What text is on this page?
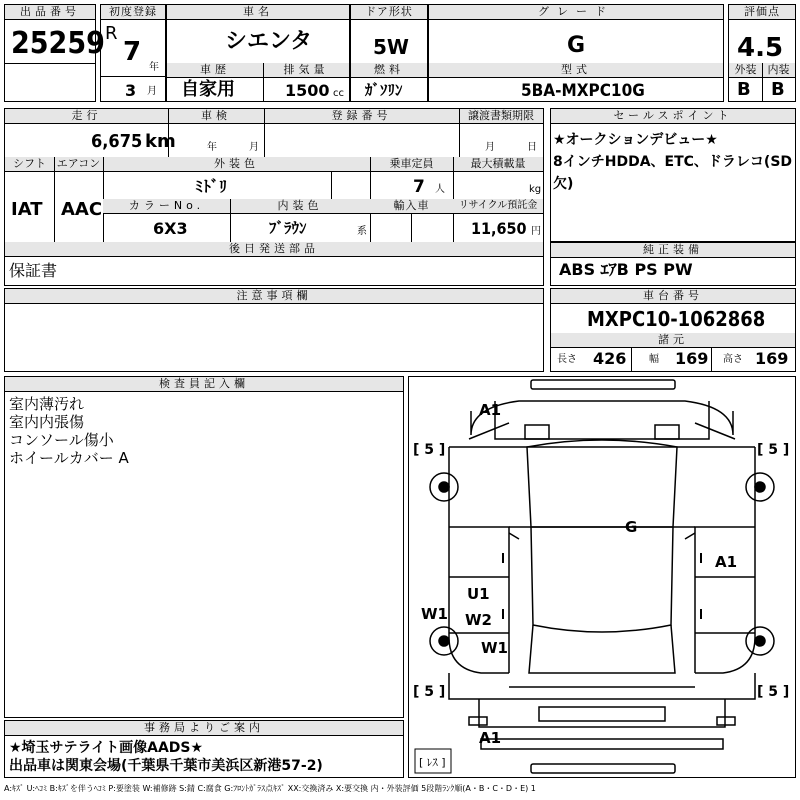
出品番号
25259
初度登録
R
7
年
3 月
車名
シエンタ
車歴	排気量
自家用	1500 cc
ドア形状
5W
燃料
ｶﾞｿﾘﾝ
グレード
G
型式
5BA-MXPC10G
評価点
4.5
外装	内装
B B
走行	車検	登録番号	譲渡書類期限
6,675 km	年	月	月	日
シフト エアコン	外装色	乗車定員	最大積載量
IAT AAC
ﾐﾄﾞﾘ	7 人	kg
カラーNo.	内装色	輸入車	リサイクル預託金
6X3	ﾌﾞﾗｳﾝ	系	11,650 円
後日発送部品
保証書
セールスポイント
★オークションデビュー★
8インチHDDA、ETC、ドラレコ(SD
欠)
純正装備
ABS ｴｱB PS PW
注意事項欄	車台番号
MXPC10-1062868
諸元
長さ 426 幅 169 高さ 169
検査員記入欄
室内薄汚れ
室内内張傷
コンソール傷小
ホイールカバー A
事務局よりご案内
★埼玉サテライト画像AADS★
出品車は関東会場(千葉県千葉市美浜区新港57-2)
[ 5 ]	[ 5 ]
[ 5 ]	[ 5 ]
[ ﾚｽ ]
A1
G
A1
U1
W1 W2
W1
A1
A:ｷｽﾞ U:ﾍｺﾐ B:ｷｽﾞを伴うﾍｺﾐ P:要塗装 W:補修跡 S:錆 C:腐食 G:ﾌﾛﾝﾄｶﾞﾗｽ点ｷｽﾞ XX:交換済み X:要交換 内・外装評価 5段階ﾗﾝｸ順(A・B・C・D・E) 1
